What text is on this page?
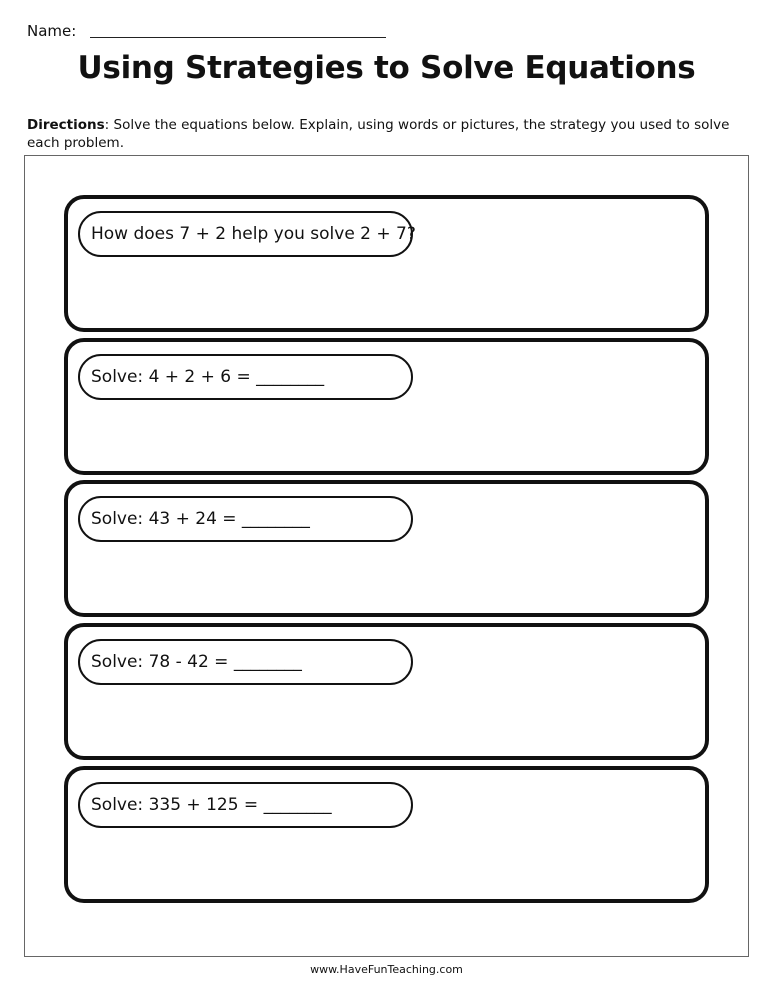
Name:
Using Strategies to Solve Equations
Directions: Solve the equations below. Explain, using words or pictures, the strategy you used to solve each problem.
How does 7 + 2 help you solve 2 + 7?
Solve: 4 + 2 + 6 = ________
Solve: 43 + 24 = ________
Solve: 78 - 42 = ________
Solve: 335 + 125 = ________
www.HaveFunTeaching.com
